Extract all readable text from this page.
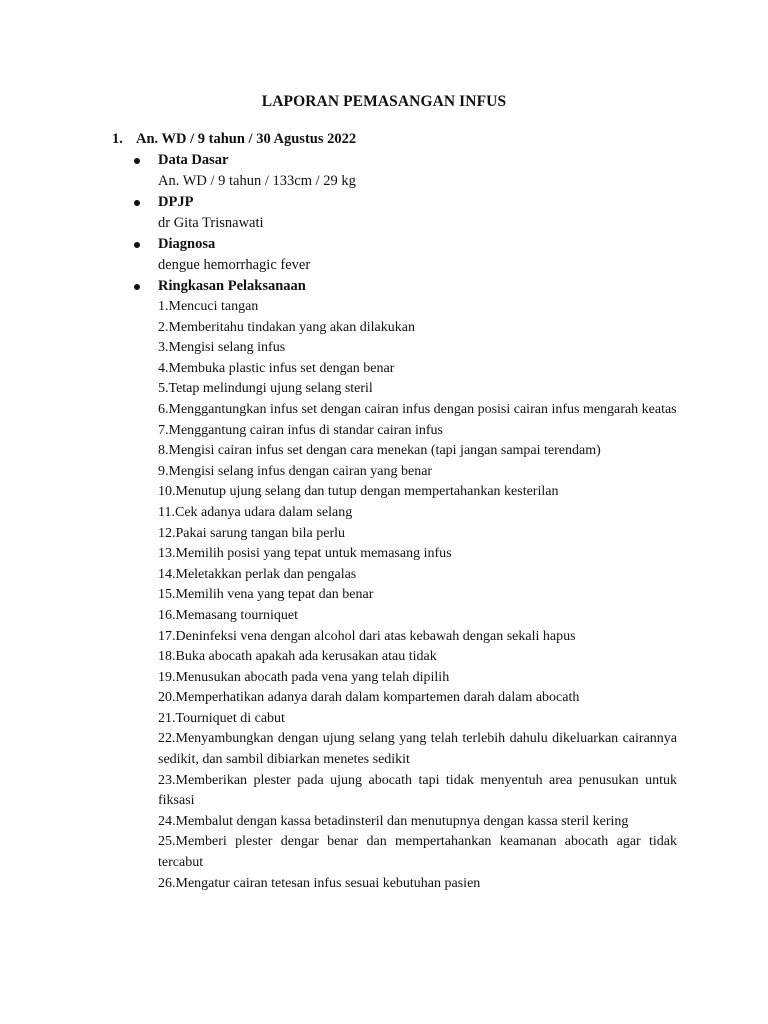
LAPORAN PEMASANGAN INFUS
1. An. WD / 9 tahun / 30 Agustus 2022
Data Dasar
An. WD / 9 tahun / 133cm / 29 kg
DPJP
dr Gita Trisnawati
Diagnosa
dengue hemorrhagic fever
Ringkasan Pelaksanaan
1.Mencuci tangan
2.Memberitahu tindakan yang akan dilakukan
3.Mengisi selang infus
4.Membuka plastic infus set dengan benar
5.Tetap melindungi ujung selang steril
6.Menggantungkan infus set dengan cairan infus dengan posisi cairan infus mengarah keatas
7.Menggantung cairan infus di standar cairan infus
8.Mengisi cairan infus set dengan cara menekan (tapi jangan sampai terendam)
9.Mengisi selang infus dengan cairan yang benar
10.Menutup ujung selang dan tutup dengan mempertahankan kesterilan
11.Cek adanya udara dalam selang
12.Pakai sarung tangan bila perlu
13.Memilih posisi yang tepat untuk memasang infus
14.Meletakkan perlak dan pengalas
15.Memilih vena yang tepat dan benar
16.Memasang tourniquet
17.Deninfeksi vena dengan alcohol dari atas kebawah dengan sekali hapus
18.Buka abocath apakah ada kerusakan atau tidak
19.Menusukan abocath pada vena yang telah dipilih
20.Memperhatikan adanya darah dalam kompartemen darah dalam abocath
21.Tourniquet di cabut
22.Menyambungkan dengan ujung selang yang telah terlebih dahulu dikeluarkan cairannya sedikit, dan sambil dibiarkan menetes sedikit
23.Memberikan plester pada ujung abocath tapi tidak menyentuh area penusukan untuk fiksasi
24.Membalut dengan kassa betadinsteril dan menutupnya dengan kassa steril kering
25.Memberi plester dengar benar dan mempertahankan keamanan abocath agar tidak tercabut
26.Mengatur cairan tetesan infus sesuai kebutuhan pasien
